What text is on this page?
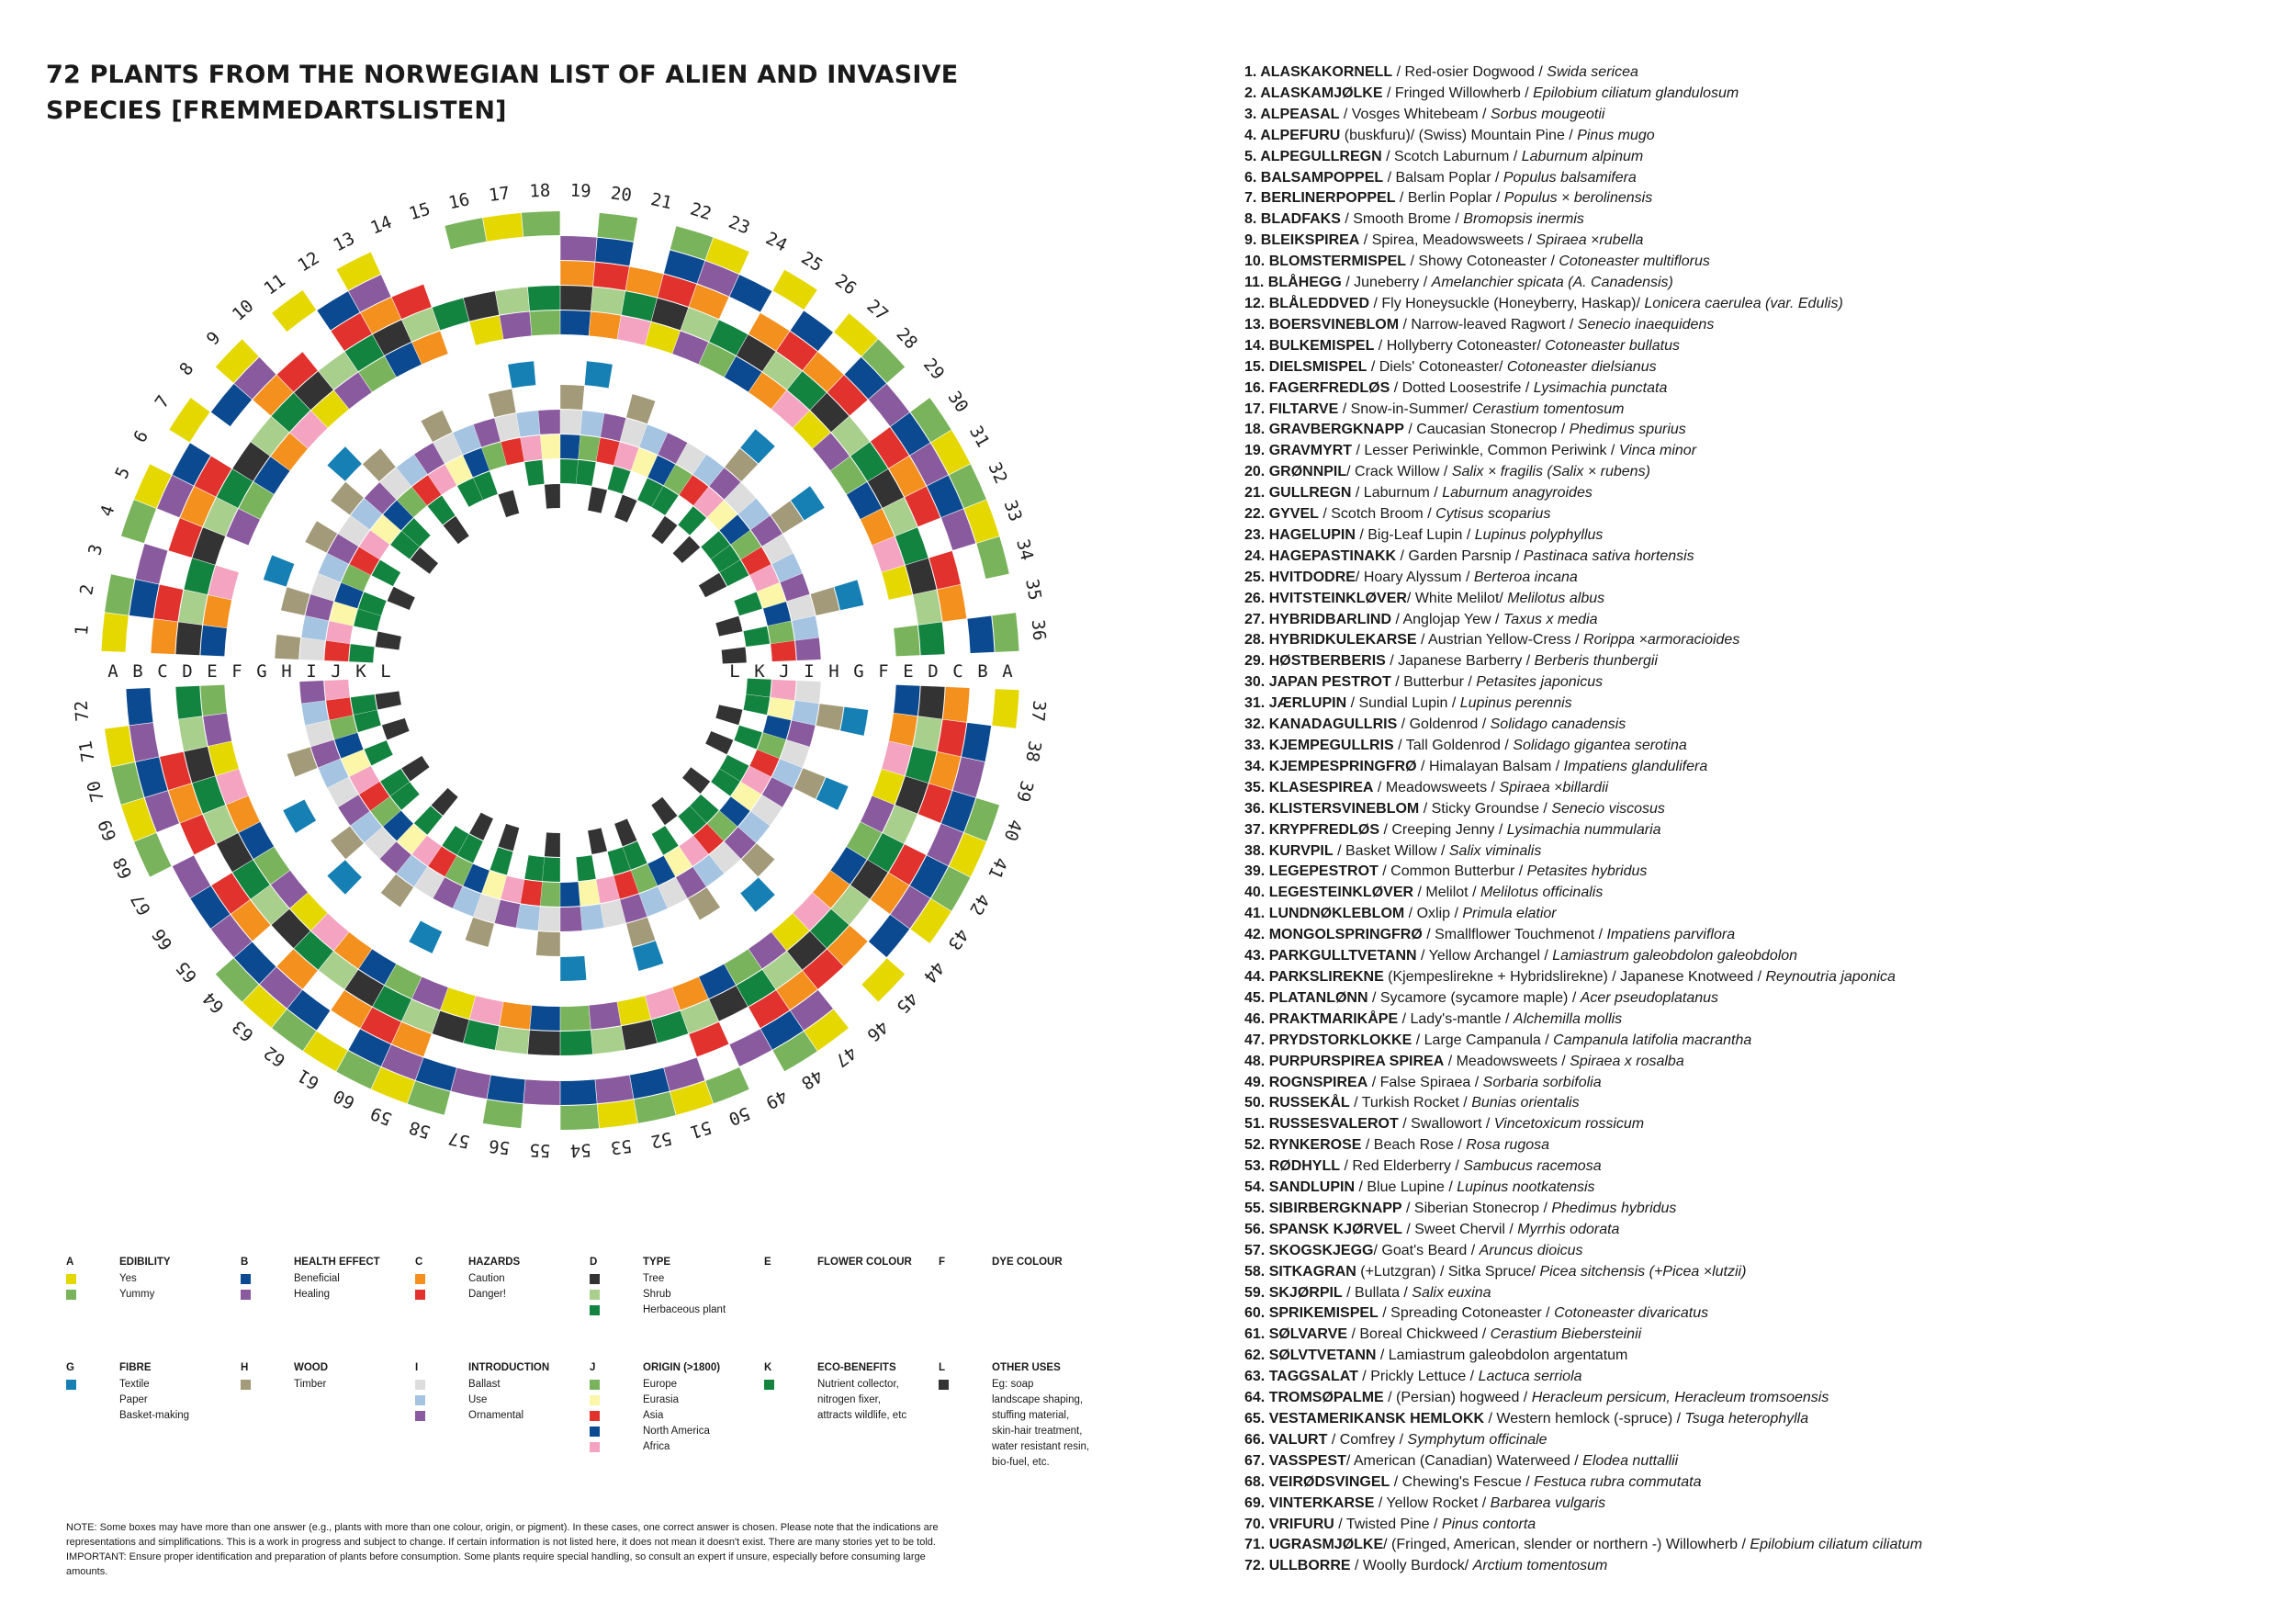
72 PLANTS FROM THE NORWEGIAN LIST OF ALIEN AND INVASIVE
SPECIES [FREMMEDARTSLISTEN]
1
2
3
4
5
6
7
8
9
10
11
12
13
14
15 16 17 18 19 20 21 22
23
24
25
26
27
28
29
30
31
32
33
34
35
36
37
38
39
40
41
42
43
44
45
46
47
48
49
50
51
52
53
54
55
56
57
58
59
60
61
62
63
64
65
66
67
68
69
70
71
72
A	A
B	B
C	C
D	D
E	E
F	F
G	G
H	H
I	I
J	J
K	K
L	L
A	EDIBILITY
Yes
Yummy
B	HEALTH EFFECT
Beneficial
Healing
C	HAZARDS
Caution
Danger!
D	TYPE
Tree
Shrub
Herbaceous plant
E	FLOWER COLOUR	F	DYE COLOUR
G	FIBRE
Textile
Paper
Basket-making
H	WOOD
Timber
I	INTRODUCTION
Ballast
Use
Ornamental
J	ORIGIN (>1800)
Europe
Eurasia
Asia
North America
Africa
K	ECO-BENEFITS
Nutrient collector,
nitrogen fixer,
attracts wildlife, etc
L	OTHER USES
Eg: soap
landscape shaping,
stuffing material,
skin-hair treatment,
water resistant resin,
bio-fuel, etc.
NOTE: Some boxes may have more than one answer (e.g., plants with more than one colour, origin, or pigment). In these cases, one correct answer is chosen. Please note that the indications are
representations and simplifications. This is a work in progress and subject to change. If certain information is not listed here, it does not mean it doesn't exist. There are many stories yet to be told.
IMPORTANT: Ensure proper identification and preparation of plants before consumption. Some plants require special handling, so consult an expert if unsure, especially before consuming large
amounts.
1. ALASKAKORNELL / Red-osier Dogwood / Swida sericea
2. ALASKAMJØLKE / Fringed Willowherb / Epilobium ciliatum glandulosum
3. ALPEASAL / Vosges Whitebeam / Sorbus mougeotii
4. ALPEFURU (buskfuru)/ (Swiss) Mountain Pine / Pinus mugo
5. ALPEGULLREGN / Scotch Laburnum / Laburnum alpinum
6. BALSAMPOPPEL / Balsam Poplar / Populus balsamifera
7. BERLINERPOPPEL / Berlin Poplar / Populus × berolinensis
8. BLADFAKS / Smooth Brome / Bromopsis inermis
9. BLEIKSPIREA / Spirea, Meadowsweets / Spiraea ×rubella
10. BLOMSTERMISPEL / Showy Cotoneaster / Cotoneaster multiflorus
11. BLÅHEGG / Juneberry / Amelanchier spicata (A. Canadensis)
12. BLÅLEDDVED / Fly Honeysuckle (Honeyberry, Haskap)/ Lonicera caerulea (var. Edulis)
13. BOERSVINEBLOM / Narrow-leaved Ragwort / Senecio inaequidens
14. BULKEMISPEL / Hollyberry Cotoneaster/ Cotoneaster bullatus
15. DIELSMISPEL / Diels' Cotoneaster/ Cotoneaster dielsianus
16. FAGERFREDLØS / Dotted Loosestrife / Lysimachia punctata
17. FILTARVE / Snow-in-Summer/ Cerastium tomentosum
18. GRAVBERGKNAPP / Caucasian Stonecrop / Phedimus spurius
19. GRAVMYRT / Lesser Periwinkle, Common Periwink / Vinca minor
20. GRØNNPIL/ Crack Willow / Salix × fragilis (Salix × rubens)
21. GULLREGN / Laburnum / Laburnum anagyroides
22. GYVEL / Scotch Broom / Cytisus scoparius
23. HAGELUPIN / Big-Leaf Lupin / Lupinus polyphyllus
24. HAGEPASTINAKK / Garden Parsnip / Pastinaca sativa hortensis
25. HVITDODRE/ Hoary Alyssum / Berteroa incana
26. HVITSTEINKLØVER/ White Melilot/ Melilotus albus
27. HYBRIDBARLIND / Anglojap Yew / Taxus x media
28. HYBRIDKULEKARSE / Austrian Yellow-Cress / Rorippa ×armoracioides
29. HØSTBERBERIS / Japanese Barberry / Berberis thunbergii
30. JAPAN PESTROT / Butterbur / Petasites japonicus
31. JÆRLUPIN / Sundial Lupin / Lupinus perennis
32. KANADAGULLRIS / Goldenrod / Solidago canadensis
33. KJEMPEGULLRIS / Tall Goldenrod / Solidago gigantea serotina
34. KJEMPESPRINGFRØ / Himalayan Balsam / Impatiens glandulifera
35. KLASESPIREA / Meadowsweets / Spiraea ×billardii
36. KLISTERSVINEBLOM / Sticky Groundse / Senecio viscosus
37. KRYPFREDLØS / Creeping Jenny / Lysimachia nummularia
38. KURVPIL / Basket Willow / Salix viminalis
39. LEGEPESTROT / Common Butterbur / Petasites hybridus
40. LEGESTEINKLØVER / Melilot / Melilotus officinalis
41. LUNDNØKLEBLOM / Oxlip / Primula elatior
42. MONGOLSPRINGFRØ / Smallflower Touchmenot / Impatiens parviflora
43. PARKGULLTVETANN / Yellow Archangel / Lamiastrum galeobdolon galeobdolon
44. PARKSLIREKNE (Kjempeslirekne + Hybridslirekne) / Japanese Knotweed / Reynoutria japonica
45. PLATANLØNN / Sycamore (sycamore maple) / Acer pseudoplatanus
46. PRAKTMARIKÅPE / Lady's-mantle / Alchemilla mollis
47. PRYDSTORKLOKKE / Large Campanula / Campanula latifolia macrantha
48. PURPURSPIREA SPIREA / Meadowsweets / Spiraea x rosalba
49. ROGNSPIREA / False Spiraea / Sorbaria sorbifolia
50. RUSSEKÅL / Turkish Rocket / Bunias orientalis
51. RUSSESVALEROT / Swallowort / Vincetoxicum rossicum
52. RYNKEROSE / Beach Rose / Rosa rugosa
53. RØDHYLL / Red Elderberry / Sambucus racemosa
54. SANDLUPIN / Blue Lupine / Lupinus nootkatensis
55. SIBIRBERGKNAPP / Siberian Stonecrop / Phedimus hybridus
56. SPANSK KJØRVEL / Sweet Chervil / Myrrhis odorata
57. SKOGSKJEGG/ Goat's Beard / Aruncus dioicus
58. SITKAGRAN (+Lutzgran) / Sitka Spruce/ Picea sitchensis (+Picea ×lutzii)
59. SKJØRPIL / Bullata / Salix euxina
60. SPRIKEMISPEL / Spreading Cotoneaster / Cotoneaster divaricatus
61. SØLVARVE / Boreal Chickweed / Cerastium Biebersteinii
62. SØLVTVETANN / Lamiastrum galeobdolon argentatum
63. TAGGSALAT / Prickly Lettuce / Lactuca serriola
64. TROMSØPALME / (Persian) hogweed / Heracleum persicum, Heracleum tromsoensis
65. VESTAMERIKANSK HEMLOKK / Western hemlock (-spruce) / Tsuga heterophylla
66. VALURT / Comfrey / Symphytum officinale
67. VASSPEST/ American (Canadian) Waterweed / Elodea nuttallii
68. VEIRØDSVINGEL / Chewing's Fescue / Festuca rubra commutata
69. VINTERKARSE / Yellow Rocket / Barbarea vulgaris
70. VRIFURU / Twisted Pine / Pinus contorta
71. UGRASMJØLKE/ (Fringed, American, slender or northern -) Willowherb / Epilobium ciliatum ciliatum
72. ULLBORRE / Woolly Burdock/ Arctium tomentosum
